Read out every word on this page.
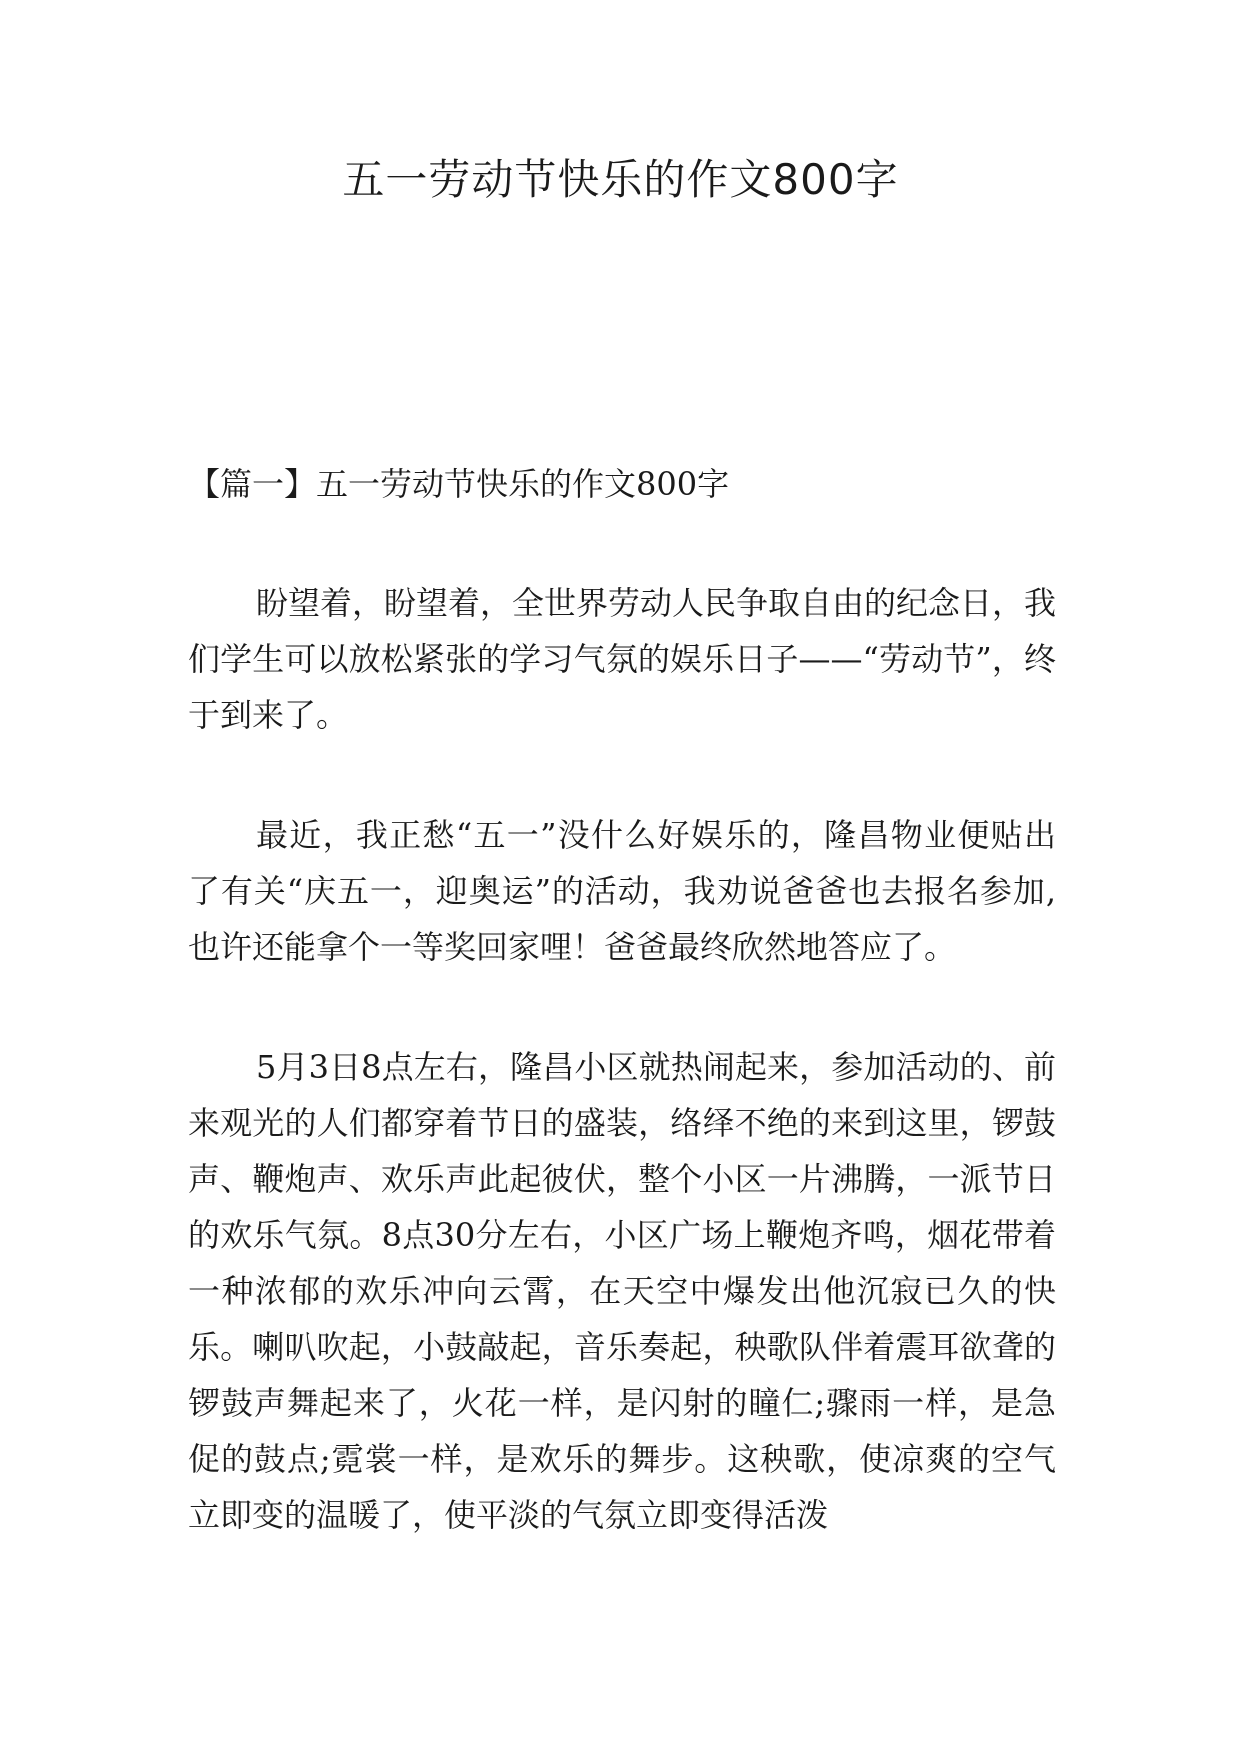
五一劳动节快乐的作文800字
【篇一】五一劳动节快乐的作文800字

盼望着，盼望着，全世界劳动人民争取自由的纪念日，我们学生可以放松紧张的学习气氛的娱乐日子——“劳动节”，终于到来了。

最近，我正愁“五一”没什么好娱乐的，隆昌物业便贴出了有关“庆五一，迎奥运”的活动，我劝说爸爸也去报名参加,也许还能拿个一等奖回家哩！爸爸最终欣然地答应了。

5月3日8点左右，隆昌小区就热闹起来，参加活动的、前来观光的人们都穿着节日的盛装，络绎不绝的来到这里，锣鼓声、鞭炮声、欢乐声此起彼伏，整个小区一片沸腾，一派节日的欢乐气氛。8点30分左右，小区广场上鞭炮齐鸣，烟花带着一种浓郁的欢乐冲向云霄，在天空中爆发出他沉寂已久的快乐。喇叭吹起，小鼓敲起，音乐奏起，秧歌队伴着震耳欲聋的锣鼓声舞起来了，火花一样，是闪射的瞳仁;骤雨一样，是急促的鼓点;霓裳一样，是欢乐的舞步。这秧歌，使凉爽的空气立即变的温暖了，使平淡的气氛立即变得活泼
